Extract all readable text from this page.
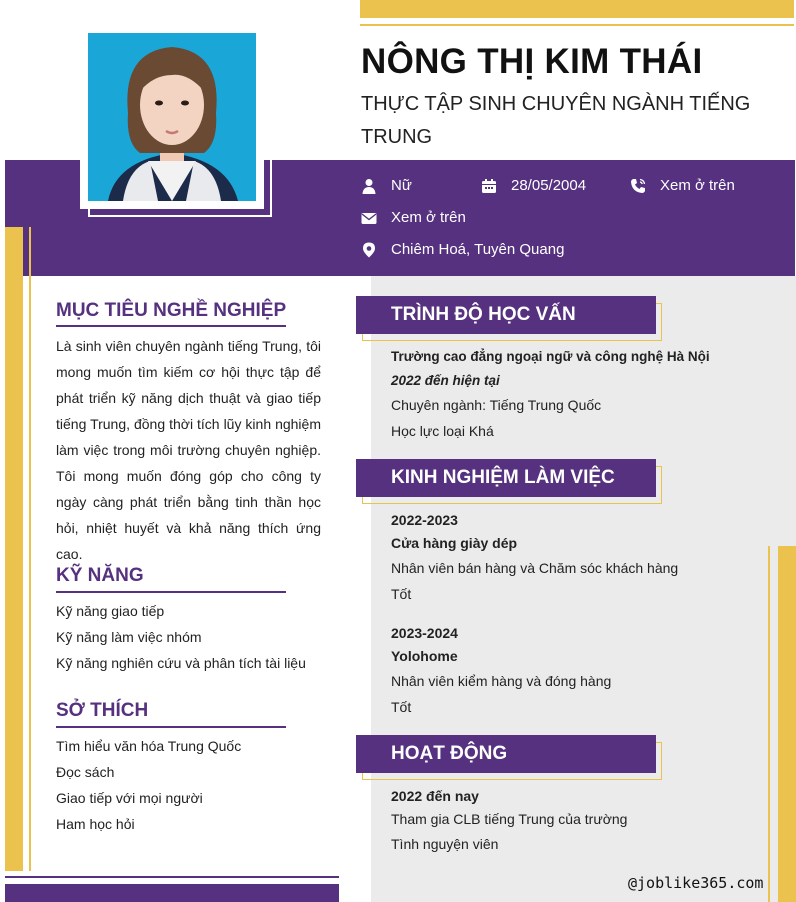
NÔNG THỊ KIM THÁI
THỰC TẬP SINH CHUYÊN NGÀNH TIẾNG TRUNG
Nữ	28/05/2004	Xem ở trên
Xem ở trên
Chiêm Hoá, Tuyên Quang
MỤC TIÊU NGHỀ NGHIỆP
Là sinh viên chuyên ngành tiếng Trung, tôi mong muốn tìm kiếm cơ hội thực tập để phát triển kỹ năng dịch thuật và giao tiếp tiếng Trung, đồng thời tích lũy kinh nghiệm làm việc trong môi trường chuyên nghiệp. Tôi mong muốn đóng góp cho công ty ngày càng phát triển bằng tinh thần học hỏi, nhiệt huyết và khả năng thích ứng cao.
KỸ NĂNG
Kỹ năng giao tiếp
Kỹ năng làm việc nhóm
Kỹ năng nghiên cứu và phân tích tài liệu
SỞ THÍCH
Tìm hiểu văn hóa Trung Quốc
Đọc sách
Giao tiếp với mọi người
Ham học hỏi
TRÌNH ĐỘ HỌC VẤN
Trường cao đẳng ngoại ngữ và công nghệ Hà Nội
2022 đến hiện tại
Chuyên ngành: Tiếng Trung Quốc
Học lực loại Khá
KINH NGHIỆM LÀM VIỆC
2022-2023
Cửa hàng giày dép
Nhân viên bán hàng và Chăm sóc khách hàng
Tốt
2023-2024
Yolohome
Nhân viên kiểm hàng và đóng hàng
Tốt
HOẠT ĐỘNG
2022 đến nay
Tham gia CLB tiếng Trung của trường
Tình nguyện viên
@joblike365.com
